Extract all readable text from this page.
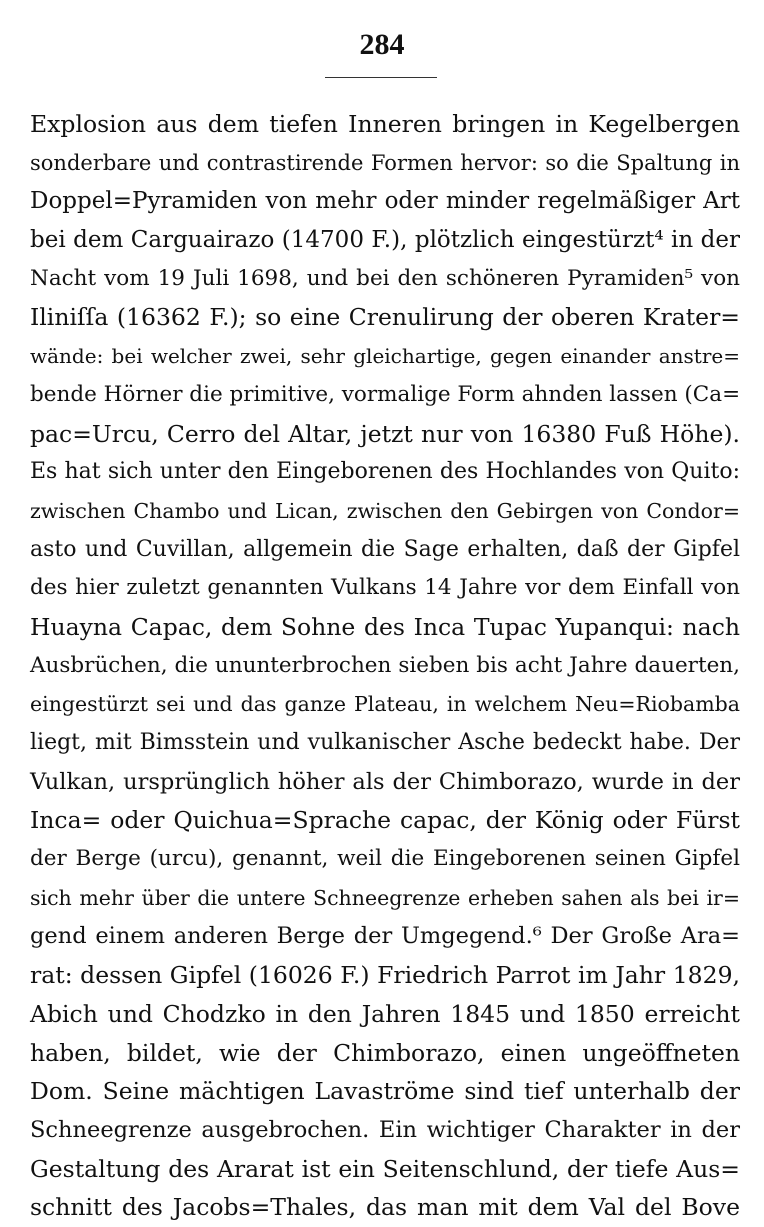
284
Explosion aus dem tiefen Inneren bringen in Kegelbergen
sonderbare und contrastirende Formen hervor: so die Spaltung in
Doppel=Pyramiden von mehr oder minder regelmäßiger Art
bei dem Carguairazo (14700 F.), plötzlich eingestürzt⁴ in der
Nacht vom 19 Juli 1698, und bei den schöneren Pyramiden⁵ von
Iliniſſa (16362 F.); so eine Crenulirung der oberen Krater=
wände: bei welcher zwei, sehr gleichartige, gegen einander anstre=
bende Hörner die primitive, vormalige Form ahnden lassen (Ca=
pac=Urcu, Cerro del Altar, jetzt nur von 16380 Fuß Höhe).
Es hat sich unter den Eingeborenen des Hochlandes von Quito:
zwischen Chambo und Lican, zwischen den Gebirgen von Condor=
asto und Cuvillan, allgemein die Sage erhalten, daß der Gipfel
des hier zuletzt genannten Vulkans 14 Jahre vor dem Einfall von
Huayna Capac, dem Sohne des Inca Tupac Yupanqui: nach
Ausbrüchen, die ununterbrochen sieben bis acht Jahre dauerten,
eingestürzt sei und das ganze Plateau, in welchem Neu=Riobamba
liegt, mit Bimsstein und vulkanischer Asche bedeckt habe. Der
Vulkan, ursprünglich höher als der Chimborazo, wurde in der
Inca= oder Quichua=Sprache capac, der König oder Fürst
der Berge (urcu), genannt, weil die Eingeborenen seinen Gipfel
sich mehr über die untere Schneegrenze erheben sahen als bei ir=
gend einem anderen Berge der Umgegend.⁶ Der Große Ara=
rat: dessen Gipfel (16026 F.) Friedrich Parrot im Jahr 1829,
Abich und Chodzko in den Jahren 1845 und 1850 erreicht
haben, bildet, wie der Chimborazo, einen ungeöffneten
Dom. Seine mächtigen Lavaströme sind tief unterhalb der
Schneegrenze ausgebrochen. Ein wichtiger Charakter in der
Gestaltung des Ararat ist ein Seitenschlund, der tiefe Aus=
schnitt des Jacobs=Thales, das man mit dem Val del Bove
